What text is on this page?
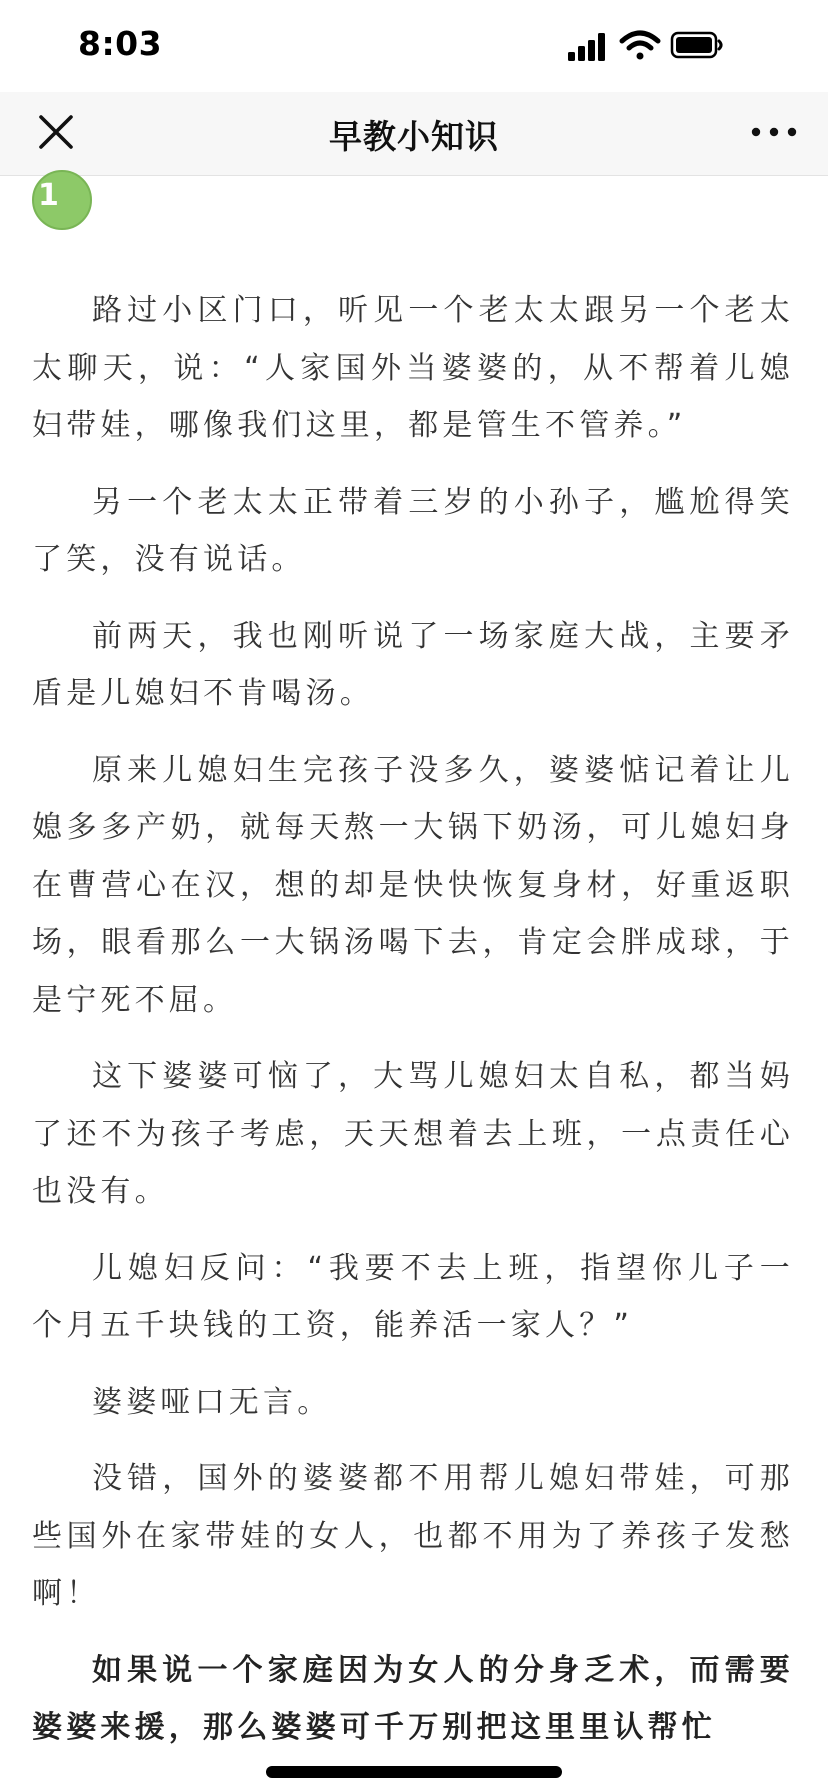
8:03
早教小知识
1

路过小区门口，听见一个老太太跟另一个老太太聊天，说：“人家国外当婆婆的，从不帮着儿媳妇带娃，哪像我们这里，都是管生不管养。”

另一个老太太正带着三岁的小孙子，尴尬得笑了笑，没有说话。

前两天，我也刚听说了一场家庭大战，主要矛盾是儿媳妇不肯喝汤。

原来儿媳妇生完孩子没多久，婆婆惦记着让儿媳多多产奶，就每天熬一大锅下奶汤，可儿媳妇身在曹营心在汉，想的却是快快恢复身材，好重返职场，眼看那么一大锅汤喝下去，肯定会胖成球，于是宁死不屈。

这下婆婆可恼了，大骂儿媳妇太自私，都当妈了还不为孩子考虑，天天想着去上班，一点责任心也没有。

儿媳妇反问：“我要不去上班，指望你儿子一个月五千块钱的工资，能养活一家人？”

婆婆哑口无言。

没错，国外的婆婆都不用帮儿媳妇带娃，可那些国外在家带娃的女人，也都不用为了养孩子发愁啊！

如果说一个家庭因为女人的分身乏术，而需要婆婆来援，那么婆婆可千万别把这里里认帮忙
